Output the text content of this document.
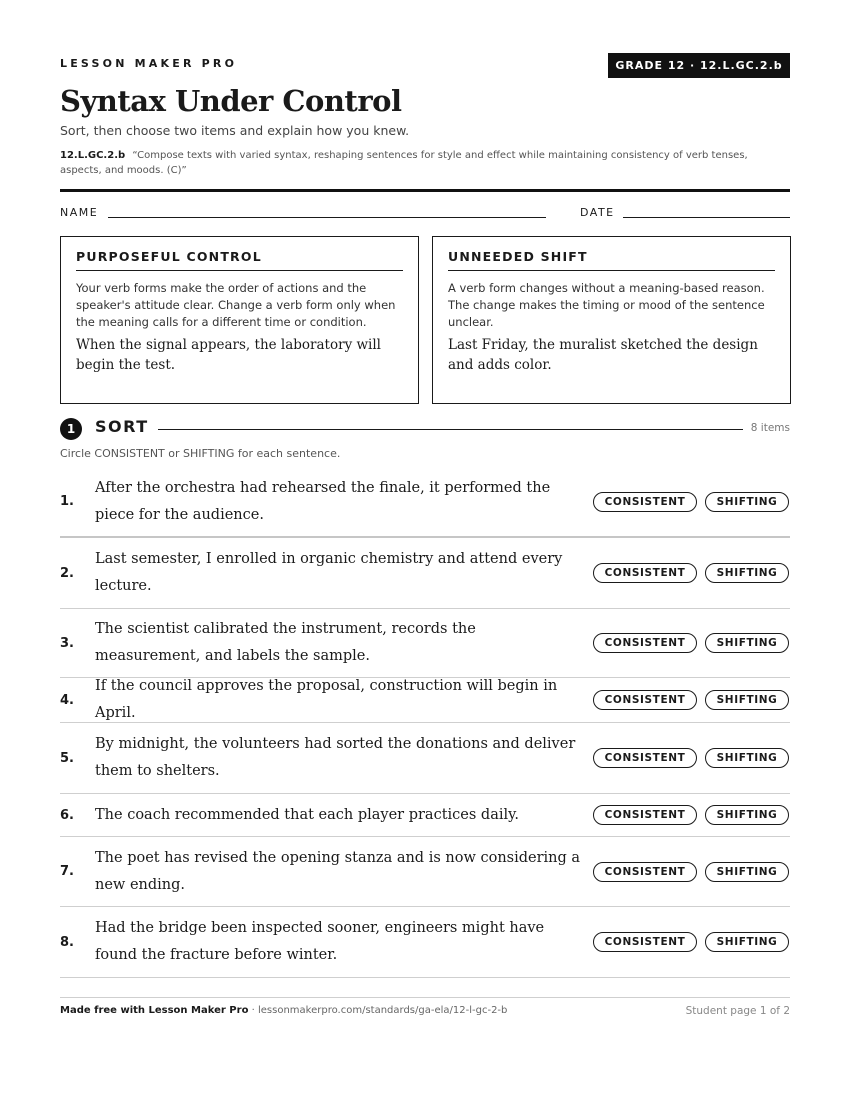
LESSON MAKER PRO	GRADE 12 · 12.L.GC.2.b
Syntax Under Control
Sort, then choose two items and explain how you knew.
12.L.GC.2.b “Compose texts with varied syntax, reshaping sentences for style and effect while maintaining consistency of verb tenses, aspects, and moods. (C)”
NAME	DATE
PURPOSEFUL CONTROL
Your verb forms make the order of actions and the speaker's attitude clear. Change a verb form only when the meaning calls for a different time or condition.
When the signal appears, the laboratory will begin the test.
UNNEEDED SHIFT
A verb form changes without a meaning-based reason. The change makes the timing or mood of the sentence unclear.
Last Friday, the muralist sketched the design and adds color.
1	SORT	8 items
Circle CONSISTENT or SHIFTING for each sentence.
1.
After the orchestra had rehearsed the finale, it performed the piece for the audience.
CONSISTENT	SHIFTING
2.
Last semester, I enrolled in organic chemistry and attend every lecture.
CONSISTENT	SHIFTING
3.
The scientist calibrated the instrument, records the measurement, and labels the sample.
CONSISTENT	SHIFTING
4.
If the council approves the proposal, construction will begin in April.
CONSISTENT	SHIFTING
5.
By midnight, the volunteers had sorted the donations and deliver them to shelters.
CONSISTENT	SHIFTING
6.	The coach recommended that each player practices daily.	CONSISTENT	SHIFTING
7.
The poet has revised the opening stanza and is now considering a new ending.
CONSISTENT	SHIFTING
8.
Had the bridge been inspected sooner, engineers might have found the fracture before winter.
CONSISTENT	SHIFTING
Made free with Lesson Maker Pro · lessonmakerpro.com/standards/ga-ela/12-l-gc-2-b	Student page 1 of 2
